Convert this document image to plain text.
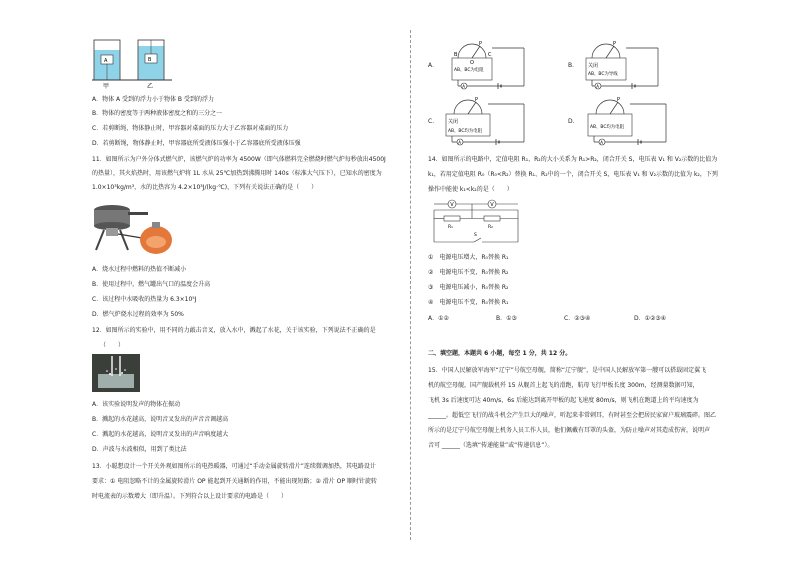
A	B
甲	乙
A．物体 A 受到的浮力小于物体 B 受到的浮力
B．物体的密度等于两种液体密度之和的三分之一
C．若剪断绳，物体静止时，甲容器对桌面的压力大于乙容器对桌面的压力
D．若剪断绳，物体静止时，甲容器底所受液体压强小于乙容器底所受液体压强
11．如图所示为户外分体式燃气炉，该燃气炉的功率为 4500W（即气体燃料完全燃烧时燃气炉每秒放出4500J
的热量），其火焰热时，用该燃气炉将 1L 水从 25℃加热到沸腾用时 140s（标准大气压下），已知水的密度为
1.0×10³kg/m³，水的比热容为 4.2×10³J/(kg·℃)，下列有关说法正确的是（　　）
A．烧水过程中燃料的热值不断减小
B．使用过程中，燃气罐出气口的温度会升高
C．该过程中水吸收的热量为 6.3×10⁵J
D．燃气炉烧水过程的效率为 50%
12．如图所示的实验中，用不同的力敲击音叉，放入水中，溅起了水花，关于该实验，下列说法不正确的是
（　　）
A．该实验说明发声的物体在振动
B．溅起的水花越高，说明音叉发出的声音音调越高
C．溅起的水花越高，说明音叉发出的声音响度越大
D．声波与水波相似，用到了类比法
13．小聪想设计一个开关外观如图所示的电热暖器，可通过“手动金属旋转滑片”连续微调加热，其电路设计
要求：① 电阻忽略不计的金属旋转滑片 OP 能起到开关通断的作用，不能出现短路；② 滑片 OP 顺时针旋转
时电流表的示数增大（即升温）。下列符合以上设计要求的电路是（　　）
A．
P
O
B	C
A
AB、BC为电阻
B．
P
关闭
A
AB、BC为导线
C．
P
关闭
A
AB、BC均为电阻
D．
P
A
AB、BC均为电阻
14．如图所示的电路中，定值电阻 R₁、R₂的大小关系为 R₁>R₂，闭合开关 S，电压表 V₁ 和 V₂示数的比值为
k₁，若用定值电阻 R₀（R₀<R₂）替换 R₁、R₂中的一个，闭合开关 S，电压表 V₁ 和 V₂示数的比值为 k₂，下列
操作中能使 k₁<k₂的是（　　）
V	V
R₁	R₂
S
①　电源电压增大，R₀替换 R₁
②　电源电压不变，R₀替换 R₂
③　电源电压减小，R₀替换 R₂
④　电源电压不变，R₀替换 R₁
A．①②	B．①③	C．②③④	D．①②③④
二、填空题，本题共 6 小题，每空 1 分，共 12 分。
15．中国人民解放军海军“辽宁”号航空母舰，简称“辽宁舰”，是中国人民解放军第一艘可以搭载固定翼飞
机的航空母舰，国产舰载机歼 15 从舰首上起飞的滑跑，航母飞行甲板长度 300m，经测量数据可知，
飞机 3s 后速度可达 40m/s，6s 后能达到离开甲板的起飞速度 80m/s，则飞机在跑道上的平均速度为
______。超低空飞行的战斗机会产生巨大的噪声，听起来非常刺耳，有时甚至会把居民家窗户玻璃震碎。图乙
所示的是辽宁号航空母舰上机务人员工作人员，他们佩戴有耳罩的头盔，为防止噪声对其造成伤害，说明声
音可 ______（选填“传递能量”或“传递信息”）。
